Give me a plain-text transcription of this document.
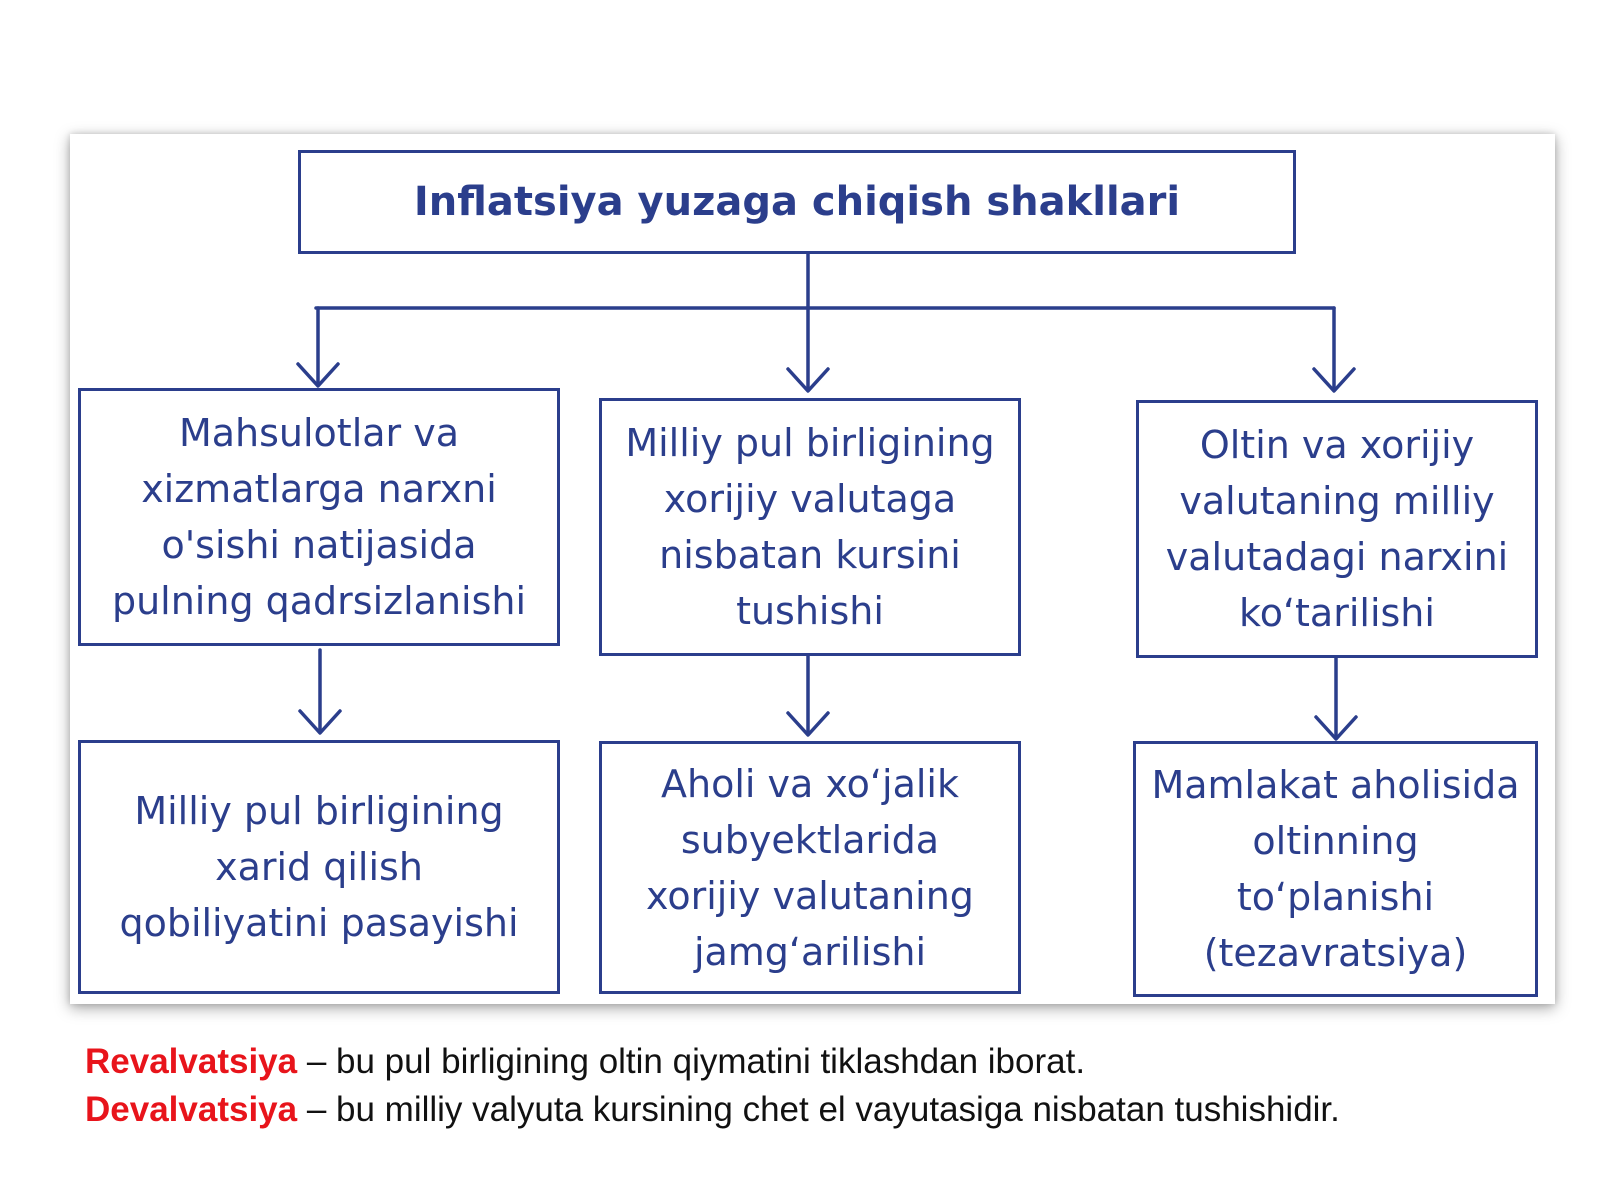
Inflatsiya yuzaga chiqish shakllari
Mahsulotlar va
xizmatlarga narxni
o'sishi natijasida
pulning qadrsizlanishi
Milliy pul birligining
xorijiy valutaga
nisbatan kursini
tushishi
Oltin va xorijiy
valutaning milliy
valutadagi narxini
ko‘tarilishi
Milliy pul birligining
xarid qilish
qobiliyatini pasayishi
Aholi va xo‘jalik
subyektlarida
xorijiy valutaning
jamg‘arilishi
Mamlakat aholisida
oltinning
to‘planishi
(tezavratsiya)
Revalvatsiya – bu pul birligining oltin qiymatini tiklashdan iborat.
Devalvatsiya – bu milliy valyuta kursining chet el vayutasiga nisbatan tushishidir.
